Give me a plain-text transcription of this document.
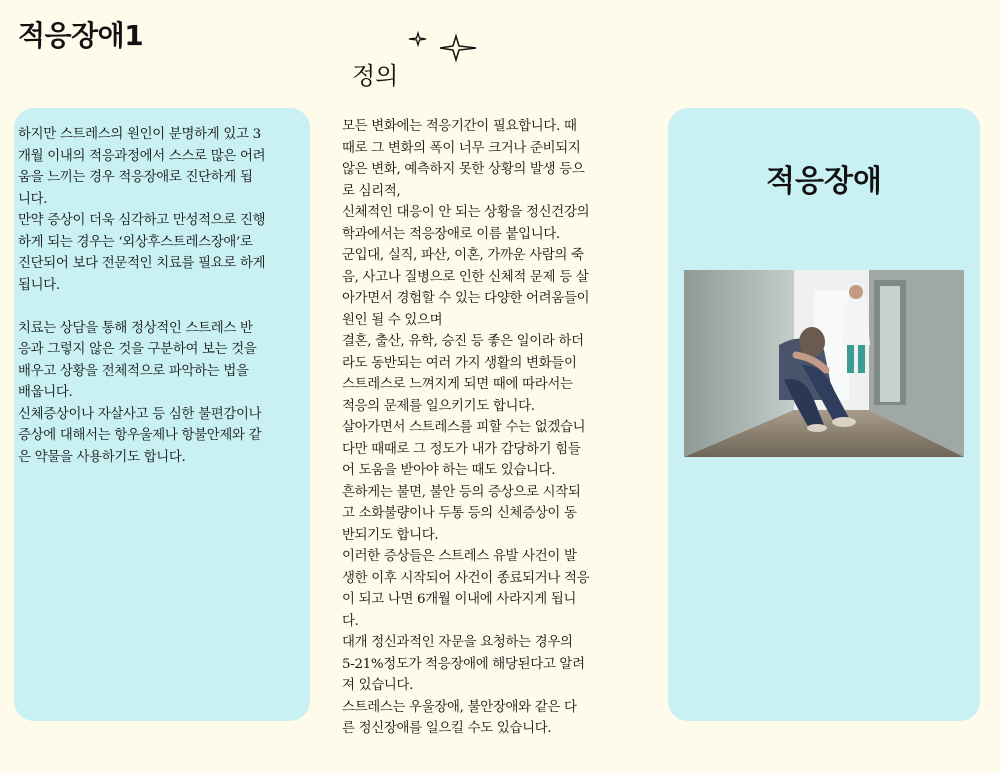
적응장애1
정의
하지만 스트레스의 원인이 분명하게 있고 3
개월 이내의 적응과정에서 스스로 많은 어려
움을 느끼는 경우 적응장애로 진단하게 됩
니다.
만약 증상이 더욱 심각하고 만성적으로 진행
하게 되는 경우는 ‘외상후스트레스장애’로
진단되어 보다 전문적인 치료를 필요로 하게
됩니다.

치료는 상담을 통해 정상적인 스트레스 반
응과 그렇지 않은 것을 구분하여 보는 것을
배우고 상황을 전체적으로 파악하는 법을
배웁니다.
신체증상이나 자살사고 등 심한 불편감이나
증상에 대해서는 항우울제나 항불안제와 같
은 약물을 사용하기도 합니다.
모든 변화에는 적응기간이 필요합니다. 때
때로 그 변화의 폭이 너무 크거나 준비되지
않은 변화, 예측하지 못한 상황의 발생 등으
로 심리적,
신체적인 대응이 안 되는 상황을 정신건강의
학과에서는 적응장애로 이름 붙입니다.
군입대, 실직, 파산, 이혼, 가까운 사람의 죽
음, 사고나 질병으로 인한 신체적 문제 등 살
아가면서 경험할 수 있는 다양한 어려움들이
원인 될 수 있으며
결혼, 출산, 유학, 승진 등 좋은 일이라 하더
라도 동반되는 여러 가지 생활의 변화들이
스트레스로 느껴지게 되면 때에 따라서는
적응의 문제를 일으키기도 합니다.
살아가면서 스트레스를 피할 수는 없겠습니
다만 때때로 그 정도가 내가 감당하기 힘들
어 도움을 받아야 하는 때도 있습니다.
흔하게는 불면, 불안 등의 증상으로 시작되
고 소화불량이나 두통 등의 신체증상이 동
반되기도 합니다.
이러한 증상들은 스트레스 유발 사건이 발
생한 이후 시작되어 사건이 종료되거나 적응
이 되고 나면 6개월 이내에 사라지게 됩니
다.
대개 정신과적인 자문을 요청하는 경우의
5-21%정도가 적응장애에 해당된다고 알려
져 있습니다.
스트레스는 우울장애, 불안장애와 같은 다
른 정신장애를 일으킬 수도 있습니다.
적응장애
